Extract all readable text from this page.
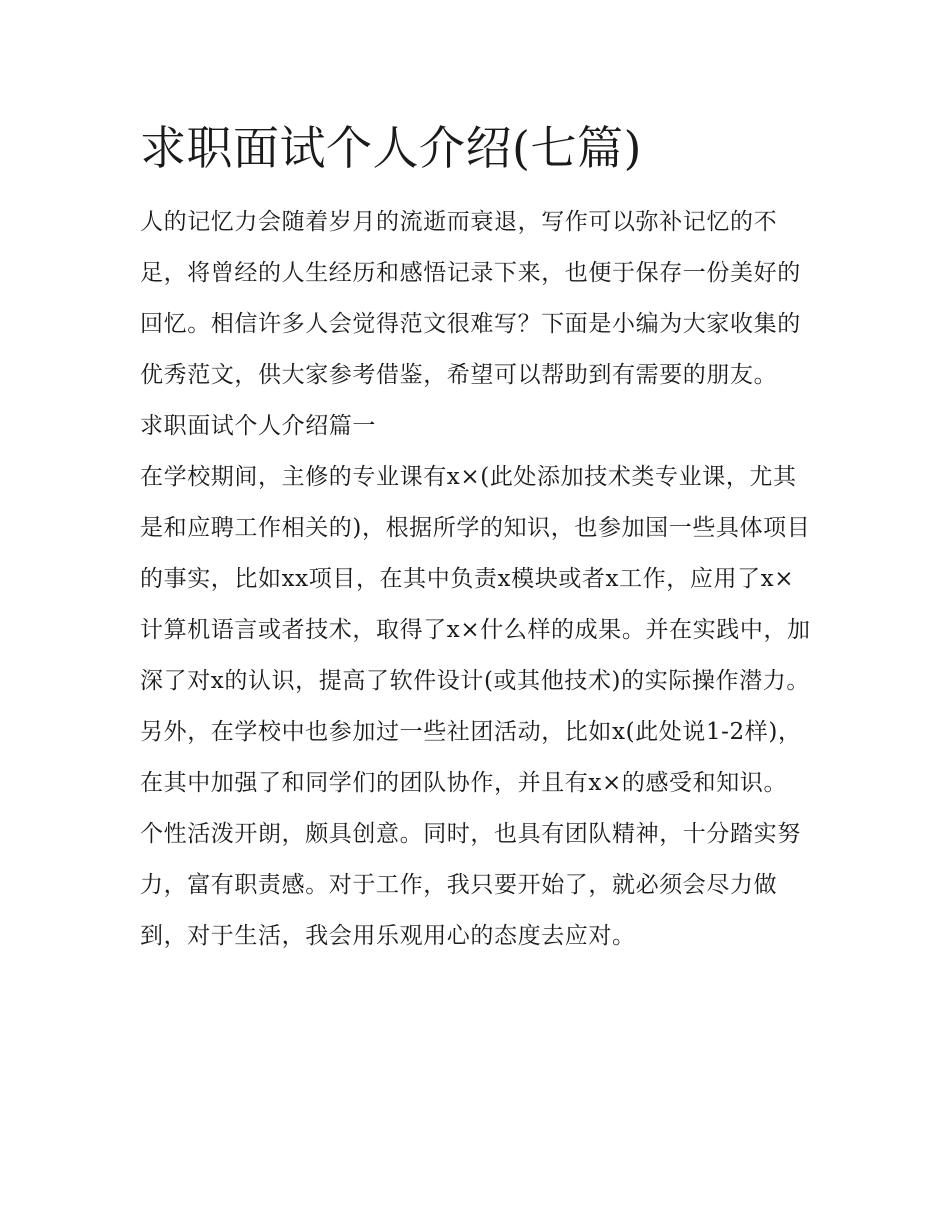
求职面试个人介绍(七篇)

人的记忆力会随着岁月的流逝而衰退，写作可以弥补记忆的不足，将曾经的人生经历和感悟记录下来，也便于保存一份美好的回忆。相信许多人会觉得范文很难写？下面是小编为大家收集的优秀范文，供大家参考借鉴，希望可以帮助到有需要的朋友。

求职面试个人介绍篇一

在学校期间，主修的专业课有x×(此处添加技术类专业课，尤其是和应聘工作相关的)，根据所学的知识，也参加国一些具体项目的事实，比如xx项目，在其中负责x模块或者x工作，应用了x×计算机语言或者技术，取得了x×什么样的成果。并在实践中，加深了对x的认识，提高了软件设计(或其他技术)的实际操作潜力。

另外，在学校中也参加过一些社团活动，比如x(此处说1-2样)，在其中加强了和同学们的团队协作，并且有x×的感受和知识。

个性活泼开朗，颇具创意。同时，也具有团队精神，十分踏实努力，富有职责感。对于工作，我只要开始了，就必须会尽力做到，对于生活，我会用乐观用心的态度去应对。
